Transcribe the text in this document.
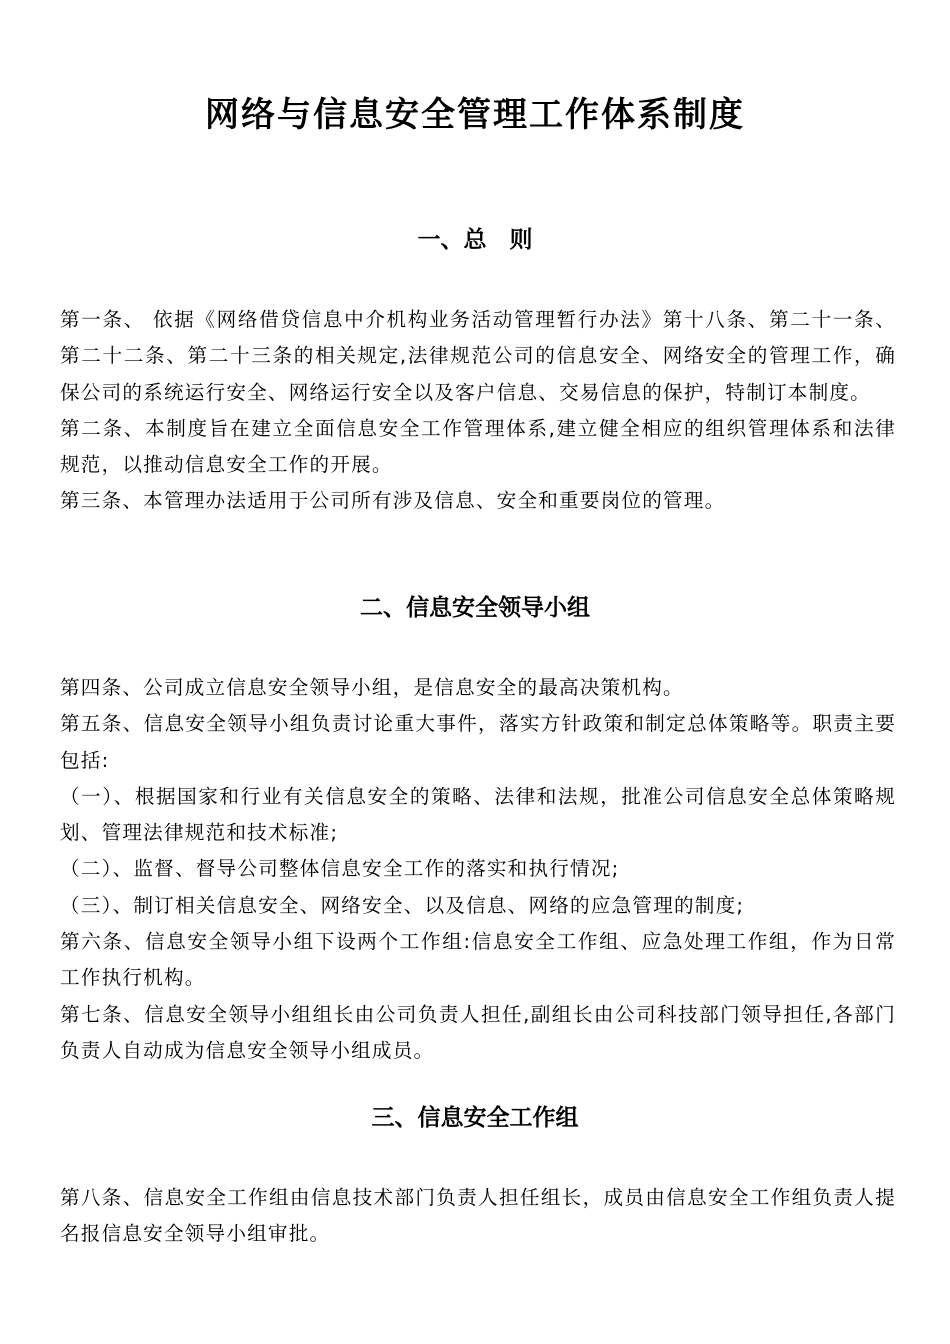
网络与信息安全管理工作体系制度
一、总　则

第一条、 依据《网络借贷信息中介机构业务活动管理暂行办法》第十八条、第二十一条、第二十二条、第二十三条的相关规定,法律规范公司的信息安全、网络安全的管理工作，确保公司的系统运行安全、网络运行安全以及客户信息、交易信息的保护，特制订本制度。

第二条、本制度旨在建立全面信息安全工作管理体系,建立健全相应的组织管理体系和法律规范，以推动信息安全工作的开展。

第三条、本管理办法适用于公司所有涉及信息、安全和重要岗位的管理。

二、信息安全领导小组

第四条、公司成立信息安全领导小组，是信息安全的最高决策机构。

第五条、信息安全领导小组负责讨论重大事件，落实方针政策和制定总体策略等。职责主要包括:

（一）、根据国家和行业有关信息安全的策略、法律和法规，批准公司信息安全总体策略规划、管理法律规范和技术标准;

（二）、监督、督导公司整体信息安全工作的落实和执行情况;

（三）、制订相关信息安全、网络安全、以及信息、网络的应急管理的制度;

第六条、信息安全领导小组下设两个工作组:信息安全工作组、应急处理工作组，作为日常工作执行机构。

第七条、信息安全领导小组组长由公司负责人担任,副组长由公司科技部门领导担任,各部门负责人自动成为信息安全领导小组成员。

三、信息安全工作组

第八条、信息安全工作组由信息技术部门负责人担任组长，成员由信息安全工作组负责人提名报信息安全领导小组审批。
